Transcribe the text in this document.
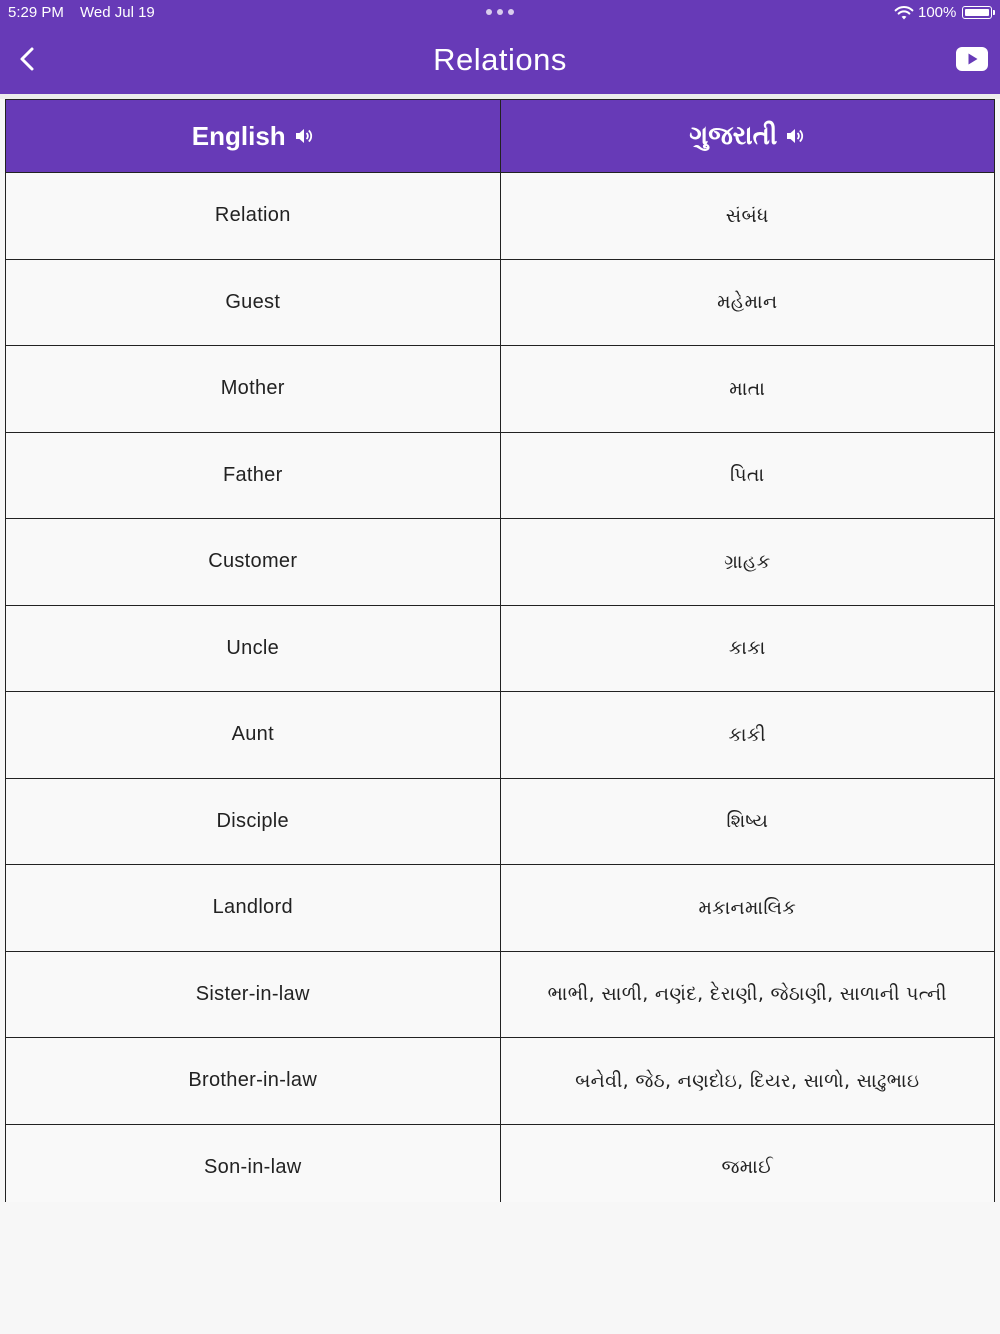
5:29 PM Wed Jul 19	100%
Relations
English	ગુજરાતી
Relation	સંબંધ
Guest	મહેમાન
Mother	માતા
Father	પિતા
Customer	ગ્રાહક
Uncle	કાકા
Aunt	કાકી
Disciple	શિષ્ય
Landlord	મકાનમાલિક
Sister-in-law	ભાભી, સાળી, નણંદ, દેરાણી, જેઠાણી, સાળાની પત્ની
Brother-in-law	બનેવી, જેઠ, નણદોઇ, દિયર, સાળો, સાઢુભાઇ
Son-in-law	જમાઈ
